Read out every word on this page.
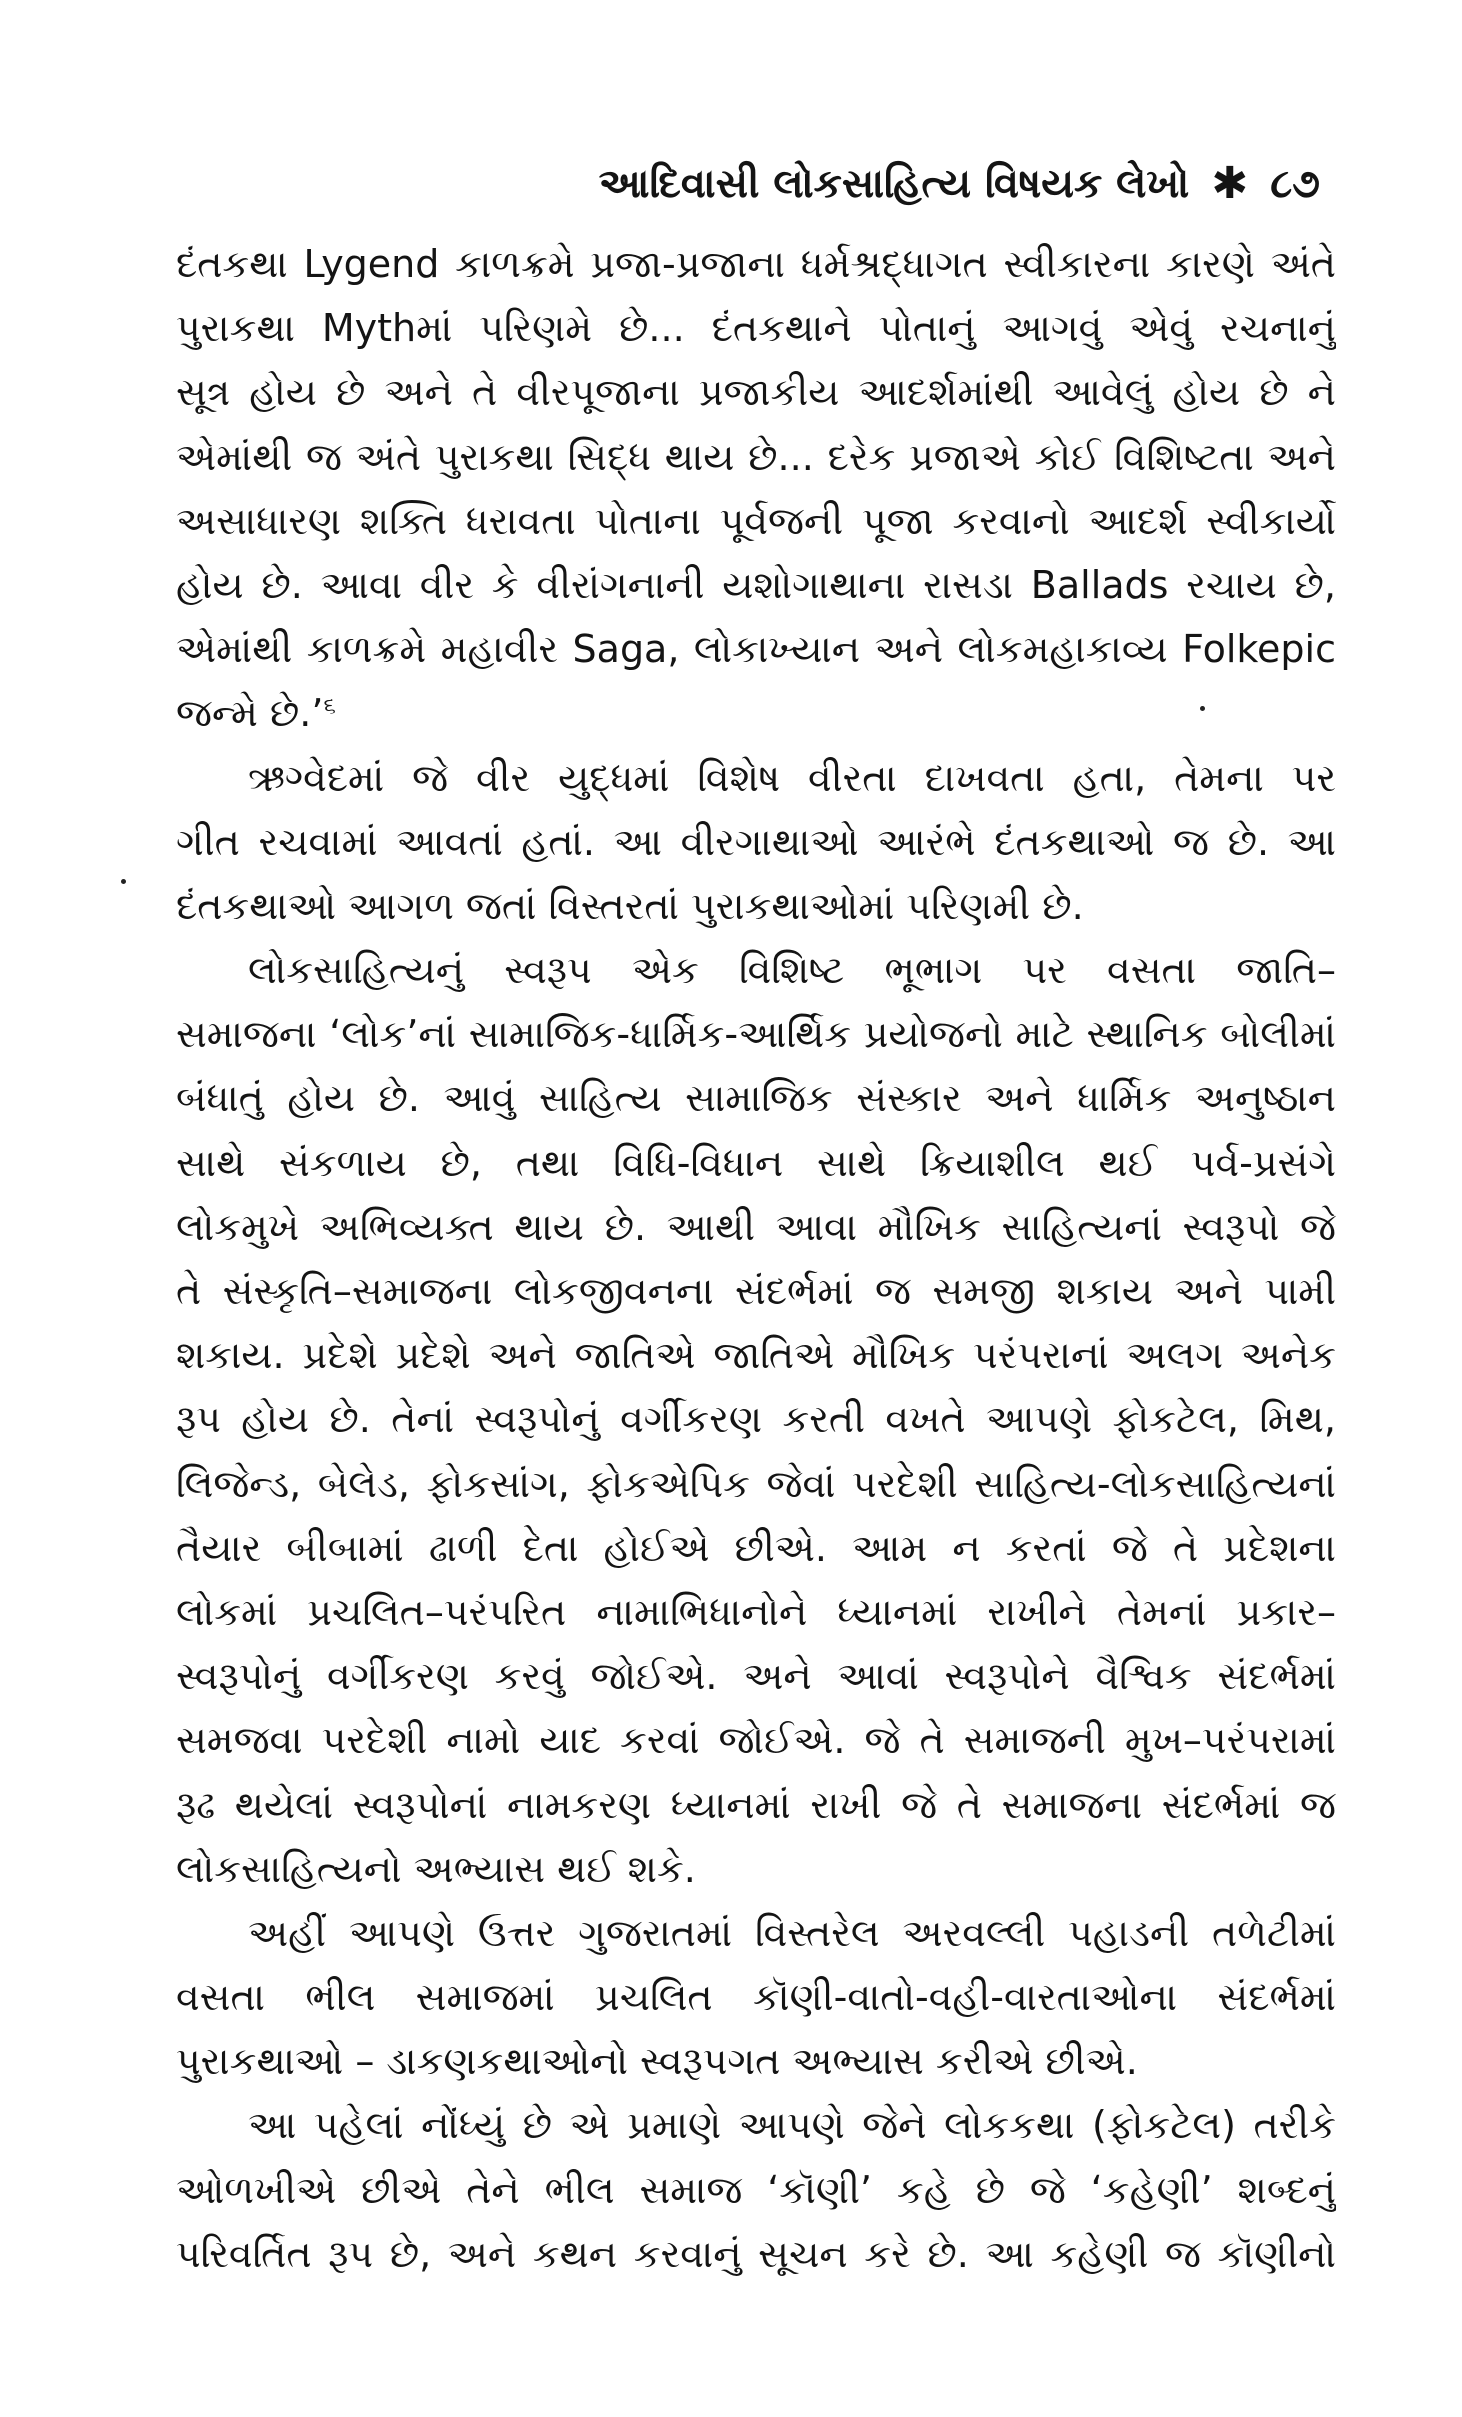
આદિવાસી લોકસાહિત્ય વિષયક લેખો ✱ ૮૭
દંતકથા Lygend કાળક્રમે પ્રજા-પ્રજાના ધર્મશ્રદ્ધાગત સ્વીકારના કારણે અંતે
પુરાકથા Mythમાં પરિણમે છે... દંતકથાને પોતાનું આગવું એવું રચનાનું
સૂત્ર હોય છે અને તે વીરપૂજાના પ્રજાકીય આદર્શમાંથી આવેલું હોય છે ને
એમાંથી જ અંતે પુરાકથા સિદ્ધ થાય છે... દરેક પ્રજાએ કોઈ વિશિષ્ટતા અને
અસાધારણ શક્તિ ધરાવતા પોતાના પૂર્વજની પૂજા કરવાનો આદર્શ સ્વીકાર્યો
હોય છે. આવા વીર કે વીરાંગનાની યશોગાથાના રાસડા Ballads રચાય છે,
એમાંથી કાળક્રમે મહાવીર Saga, લોકાખ્યાન અને લોકમહાકાવ્ય Folkepic
જન્મે છે.’$^૬$
ઋગ્વેદમાં જે વીર યુદ્ધમાં વિશેષ વીરતા દાખવતા હતા, તેમના પર
ગીત રચવામાં આવતાં હતાં. આ વીરગાથાઓ આરંભે દંતકથાઓ જ છે. આ
દંતકથાઓ આગળ જતાં વિસ્તરતાં પુરાકથાઓમાં પરિણમી છે.
લોકસાહિત્યનું સ્વરૂપ એક વિશિષ્ટ ભૂભાગ પર વસતા જાતિ–
સમાજના ‘લોક’નાં સામાજિક-ધાર્મિક-આર્થિક પ્રયોજનો માટે સ્થાનિક બોલીમાં
બંધાતું હોય છે. આવું સાહિત્ય સામાજિક સંસ્કાર અને ધાર્મિક અનુષ્ઠાન
સાથે સંકળાય છે, તથા વિધિ-વિધાન સાથે ક્રિયાશીલ થઈ પર્વ-પ્રસંગે
લોકમુખે અભિવ્યક્ત થાય છે. આથી આવા મૌખિક સાહિત્યનાં સ્વરૂપો જે
તે સંસ્કૃતિ–સમાજના લોકજીવનના સંદર્ભમાં જ સમજી શકાય અને પામી
શકાય. પ્રદેશે પ્રદેશે અને જાતિએ જાતિએ મૌખિક પરંપરાનાં અલગ અનેક
રૂપ હોય છે. તેનાં સ્વરૂપોનું વર્ગીકરણ કરતી વખતે આપણે ફોકટેલ, મિથ,
લિજેન્ડ, બેલેડ, ફોકસાંગ, ફોકએપિક જેવાં પરદેશી સાહિત્ય-લોકસાહિત્યનાં
તૈયાર બીબામાં ઢાળી દેતા હોઈએ છીએ. આમ ન કરતાં જે તે પ્રદેશના
લોકમાં પ્રચલિત–પરંપરિત નામાભિધાનોને ધ્યાનમાં રાખીને તેમનાં પ્રકાર–
સ્વરૂપોનું વર્ગીકરણ કરવું જોઈએ. અને આવાં સ્વરૂપોને વૈશ્વિક સંદર્ભમાં
સમજવા પરદેશી નામો યાદ કરવાં જોઈએ. જે તે સમાજની મુખ–પરંપરામાં
રૂઢ થયેલાં સ્વરૂપોનાં નામકરણ ધ્યાનમાં રાખી જે તે સમાજના સંદર્ભમાં જ
લોકસાહિત્યનો અભ્યાસ થઈ શકે.
અહીં આપણે ઉત્તર ગુજરાતમાં વિસ્તરેલ અરવલ્લી પહાડની તળેટીમાં
વસતા ભીલ સમાજમાં પ્રચલિત કૉણી-વાતો-વહી-વારતાઓના સંદર્ભમાં
પુરાકથાઓ – ડાકણકથાઓનો સ્વરૂપગત અભ્યાસ કરીએ છીએ.
આ પહેલાં નોંધ્યું છે એ પ્રમાણે આપણે જેને લોકકથા (ફોકટેલ) તરીકે
ઓળખીએ છીએ તેને ભીલ સમાજ ‘કૉણી’ કહે છે જે ‘કહેણી’ શબ્દનું
પરિવર્તિત રૂપ છે, અને કથન કરવાનું સૂચન કરે છે. આ કહેણી જ કૉણીનો
